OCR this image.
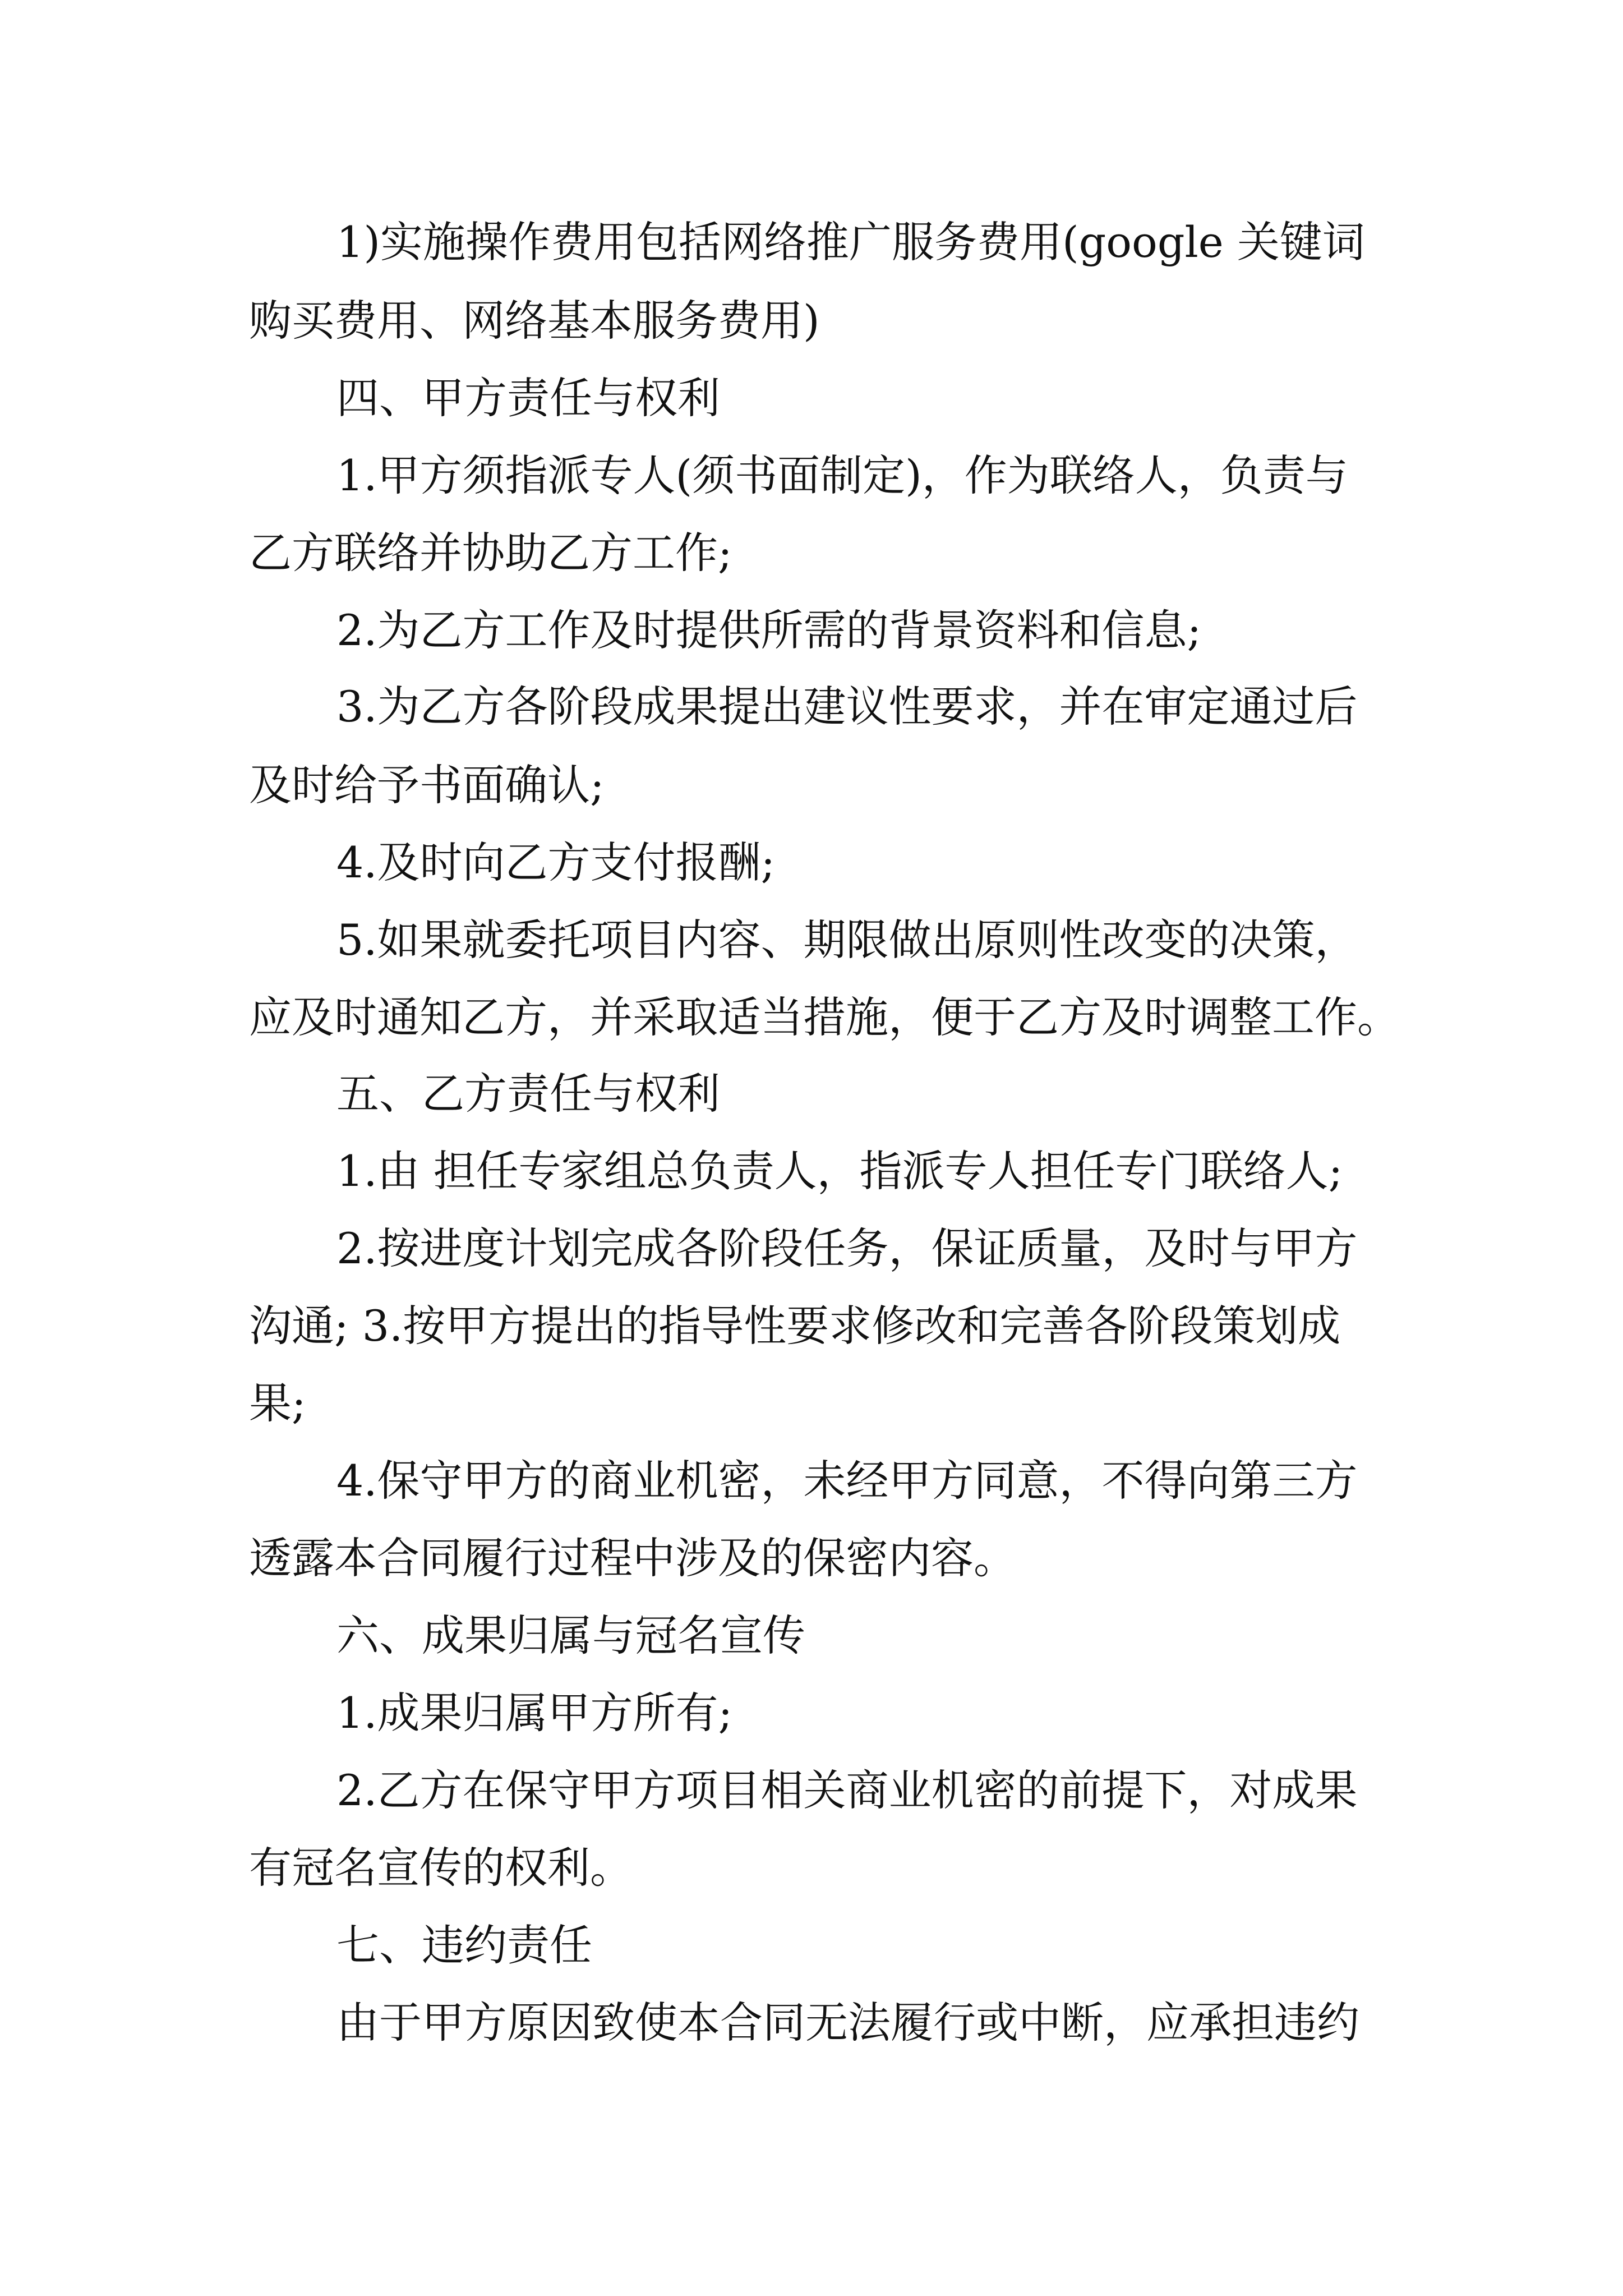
1)实施操作费用包括网络推广服务费用(google 关键词

购买费用、网络基本服务费用)

四、甲方责任与权利

1.甲方须指派专人(须书面制定)，作为联络人，负责与

乙方联络并协助乙方工作;

2.为乙方工作及时提供所需的背景资料和信息;

3.为乙方各阶段成果提出建议性要求，并在审定通过后

及时给予书面确认;

4.及时向乙方支付报酬;

5.如果就委托项目内容、期限做出原则性改变的决策，

应及时通知乙方，并采取适当措施，便于乙方及时调整工作。

五、乙方责任与权利

1.由 担任专家组总负责人，指派专人担任专门联络人;

2.按进度计划完成各阶段任务，保证质量，及时与甲方

沟通; 3.按甲方提出的指导性要求修改和完善各阶段策划成

果;

4.保守甲方的商业机密，未经甲方同意，不得向第三方

透露本合同履行过程中涉及的保密内容。

六、成果归属与冠名宣传

1.成果归属甲方所有;

2.乙方在保守甲方项目相关商业机密的前提下，对成果

有冠名宣传的权利。

七、违约责任

由于甲方原因致使本合同无法履行或中断，应承担违约
